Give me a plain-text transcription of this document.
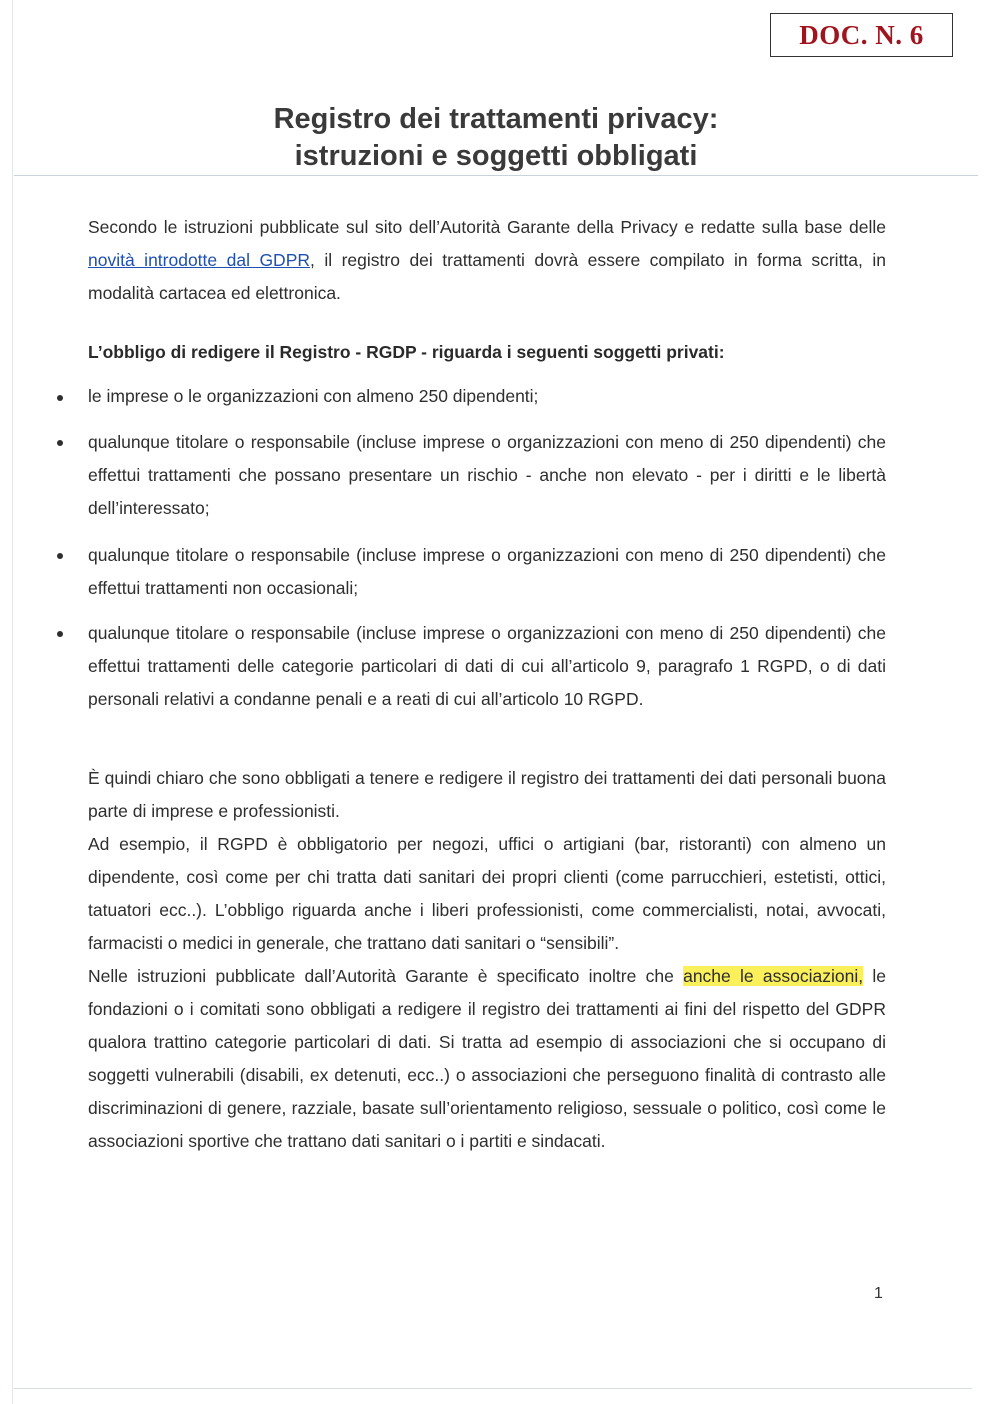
DOC. N. 6
Registro dei trattamenti privacy:
istruzioni e soggetti obbligati

Secondo le istruzioni pubblicate sul sito dell’Autorità Garante della Privacy e redatte sulla base delle novità introdotte dal GDPR, il registro dei trattamenti dovrà essere compilato in forma scritta, in modalità cartacea ed elettronica.

L’obbligo di redigere il Registro - RGDP - riguarda i seguenti soggetti privati:
le imprese o le organizzazioni con almeno 250 dipendenti;
qualunque titolare o responsabile (incluse imprese o organizzazioni con meno di 250 dipendenti) che effettui trattamenti che possano presentare un rischio - anche non elevato - per i diritti e le libertà dell’interessato;
qualunque titolare o responsabile (incluse imprese o organizzazioni con meno di 250 dipendenti) che effettui trattamenti non occasionali;
qualunque titolare o responsabile (incluse imprese o organizzazioni con meno di 250 dipendenti) che effettui trattamenti delle categorie particolari di dati di cui all’articolo 9, paragrafo 1 RGPD, o di dati personali relativi a condanne penali e a reati di cui all’articolo 10 RGPD.

È quindi chiaro che sono obbligati a tenere e redigere il registro dei trattamenti dei dati personali buona parte di imprese e professionisti.

Ad esempio, il RGPD è obbligatorio per negozi, uffici o artigiani (bar, ristoranti) con almeno un dipendente, così come per chi tratta dati sanitari dei propri clienti (come parrucchieri, estetisti, ottici, tatuatori ecc..). L’obbligo riguarda anche i liberi professionisti, come commercialisti, notai, avvocati, farmacisti o medici in generale, che trattano dati sanitari o “sensibili”.

Nelle istruzioni pubblicate dall’Autorità Garante è specificato inoltre che anche le associazioni, le fondazioni o i comitati sono obbligati a redigere il registro dei trattamenti ai fini del rispetto del GDPR qualora trattino categorie particolari di dati. Si tratta ad esempio di associazioni che si occupano di soggetti vulnerabili (disabili, ex detenuti, ecc..) o associazioni che perseguono finalità di contrasto alle discriminazioni di genere, razziale, basate sull’orientamento religioso, sessuale o politico, così come le associazioni sportive che trattano dati sanitari o i partiti e sindacati.

1
